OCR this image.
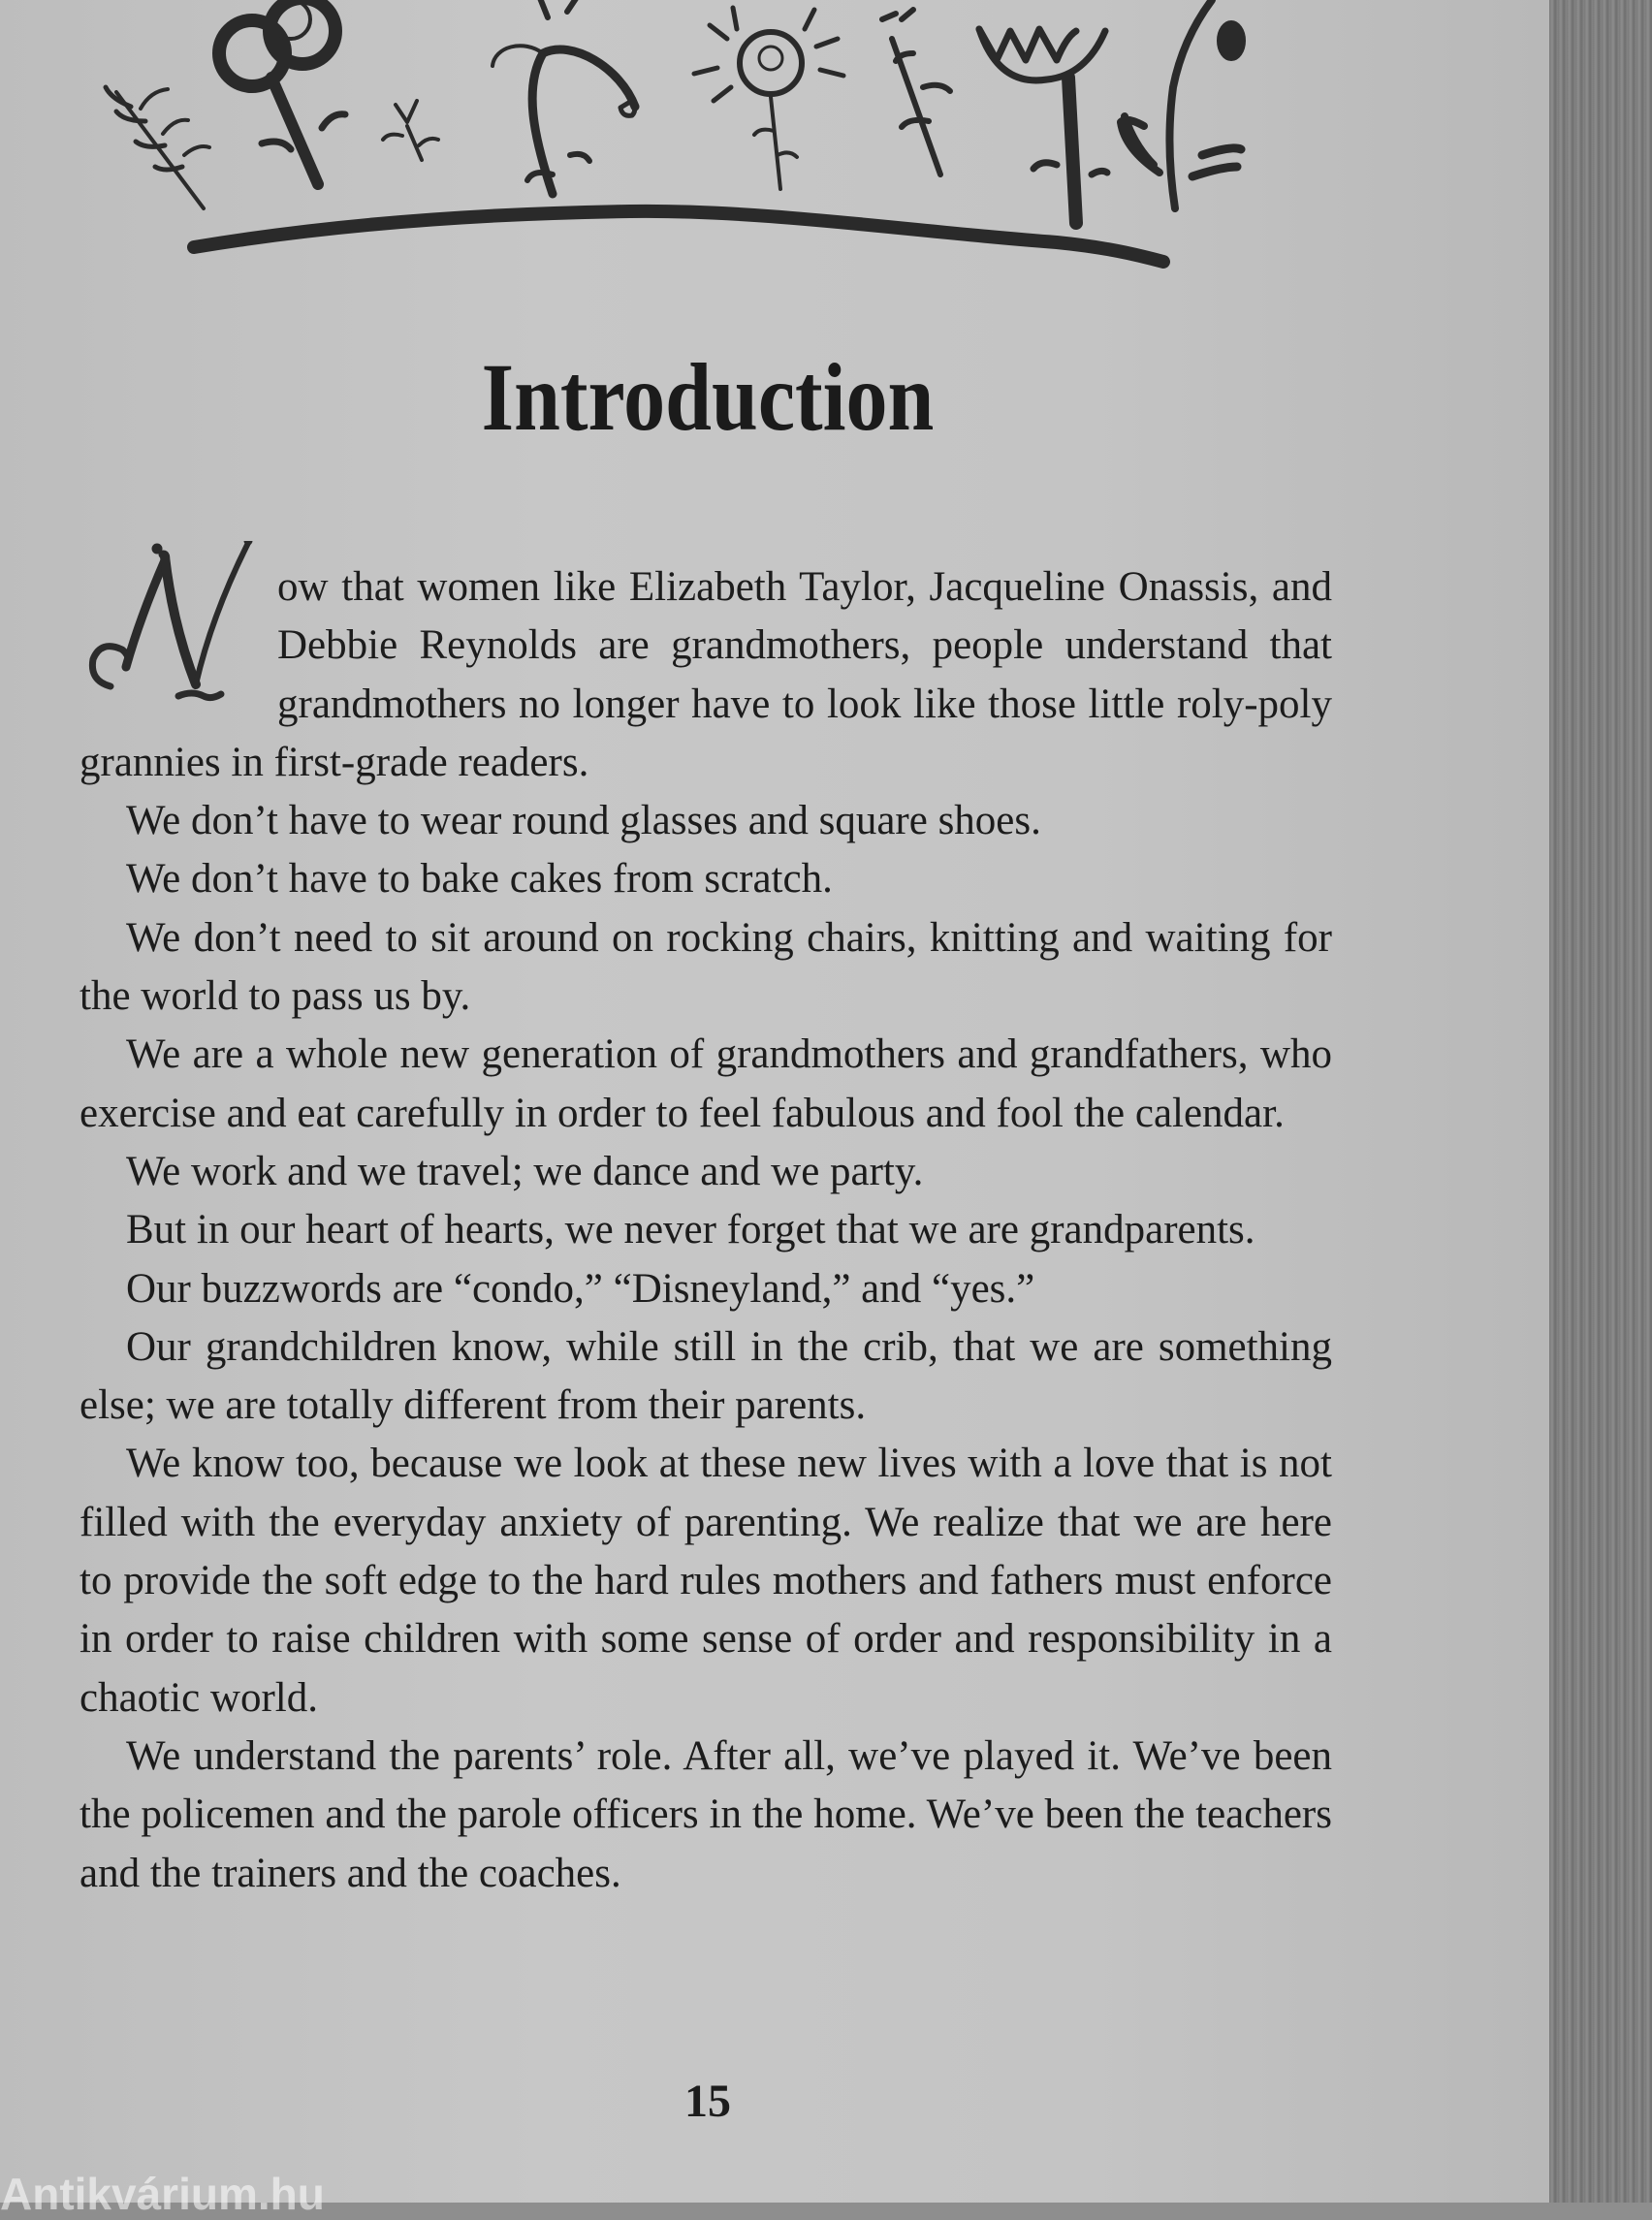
Introduction

ow that women like Elizabeth Taylor, Jacqueline Onassis, and Debbie Reynolds are grandmothers, people understand that grandmothers no longer have to look like those little roly-poly grannies in first-grade readers.

We don’t have to wear round glasses and square shoes.

We don’t have to bake cakes from scratch.

We don’t need to sit around on rocking chairs, knitting and waiting for the world to pass us by.

We are a whole new generation of grandmothers and grandfathers, who exercise and eat carefully in order to feel fabulous and fool the calendar.

We work and we travel; we dance and we party.

But in our heart of hearts, we never forget that we are grandparents.

Our buzzwords are “condo,” “Disneyland,” and “yes.”

Our grandchildren know, while still in the crib, that we are something else; we are totally different from their parents.

We know too, because we look at these new lives with a love that is not filled with the everyday anxiety of parenting. We realize that we are here to provide the soft edge to the hard rules mothers and fathers must enforce in order to raise children with some sense of order and responsibility in a chaotic world.

We understand the parents’ role. After all, we’ve played it. We’ve been the policemen and the parole officers in the home. We’ve been the teachers and the trainers and the coaches.

15
Antikvárium.hu
